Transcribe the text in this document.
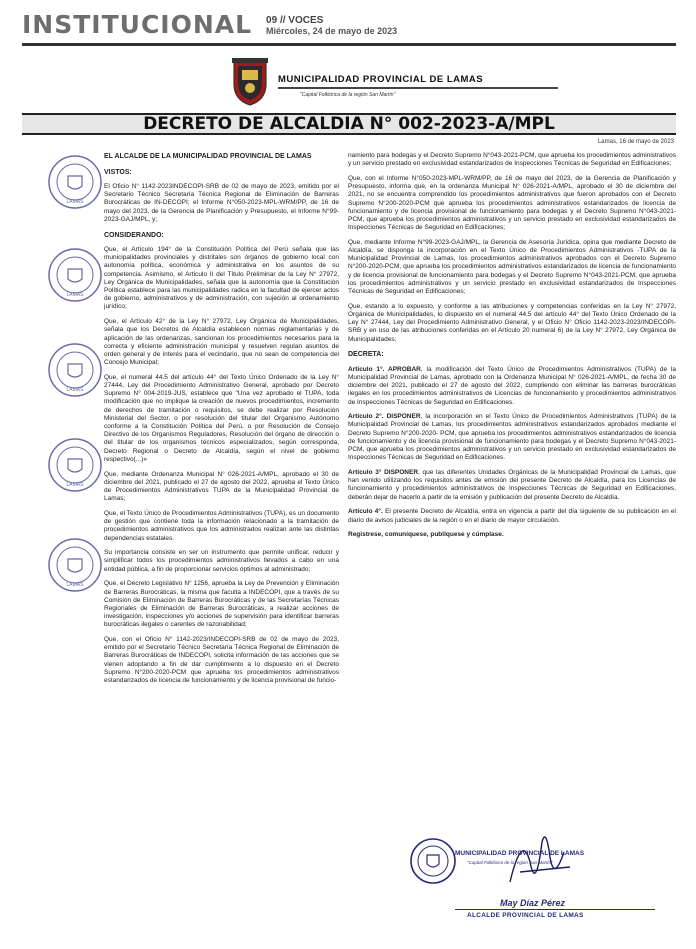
INSTITUCIONAL 09 // VOCES
Miércoles, 24 de mayo de 2023
MUNICIPALIDAD PROVINCIAL DE LAMAS
"Capital Folklórica de la región San Martín"
DECRETO DE ALCALDIA N° 002-2023-A/MPL
Lamas, 16 de mayo de 2023
LAMAS
LAMAS
LAMAS
LAMAS
LAMAS

EL ALCALDE DE LA MUNICIPALIDAD PROVINCIAL DE LAMAS

VISTOS:

El Oficio N° 1142-2023INDECOPI-SRB de 02 de mayo de 2023, emitido por el Secretario Técnico Secretaría Técnica Regional de Eliminación de Barreras Burocráticas de IN-DECOPI; el Informe N°050-2023-MPL-WRM/PP, de 16 de mayo del 2023, de la Gerencia de Planificación y Presupuesto, el Informe N°99-2023-GAJ/MPL, y;

CONSIDERANDO:

Que, el Artículo 194° de la Constitución Política del Perú señala que las municipalidades provinciales y distritales son órganos de gobierno local con autonomía política, económica y administrativa en los asuntos de su competencia. Asimismo, el Artículo II del Título Preliminar de la Ley N° 27972, Ley Orgánica de Municipalidades, señala que la autonomía que la Constitución Política establece para las municipalidades radica en la facultad de ejercer actos de gobierno, administrativos y de administración, con sujeción al ordenamiento jurídico;

Que, el Artículo 42° de la Ley N° 27972, Ley Orgánica de Municipalidades, señala que los Decretos de Alcaldía establecen normas reglamentarias y de aplicación de las ordenanzas, sancionan los procedimientos necesarios para la correcta y eficiente administración municipal y resuelven regulan asuntos de orden general y de interés para el vecindario, que no sean de competencia del Concejo Municipal;

Que, el numeral 44.5 del artículo 44° del Texto Único Ordenado de la Ley N° 27444, Ley del Procedimiento Administrativo General, aprobado por Decreto Supremo N° 004-2019-JUS, establece que "Una vez aprobado el TUPA, toda modificación que no implique la creación de nuevos procedimientos, incremento de derechos de tramitación o requisitos, se debe realizar por Resolución Ministerial del Sector, o por resolución del titular del Organismo Autónomo conforme a la Constitución Política del Perú, o por Resolución de Consejo Directivo de los Organismos Reguladores, Resolución del órgano de dirección o del titular de los organismos técnicos especializados, según corresponda, Decreto Regional o Decreto de Alcaldía, según el nivel de gobierno respectivo(...)»

Que, mediante Ordenanza Municipal N° 026-2021-A/MPL, aprobado el 30 de diciembre del 2021, publicado el 27 de agosto del 2022, aprueba el Texto Único de Procedimientos Administrativos TUPA de la Municipalidad Provincial de Lamas;

Que, el Texto Único de Procedimientos Administrativos (TUPA), es un documento de gestión que contiene toda la información relacionado a la tramitación de procedimientos administrativos que los administrados realizan ante las distintas dependencias estatales.

Su importancia consiste en ser un instrumento que permite unificar, reducir y simplificar todos los procedimientos administrativos llevados a cabo en una entidad pública, a fin de proporcionar servicios óptimos al administrado;

Que, el Decreto Legislativo N° 1256, aprueba la Ley de Prevención y Eliminación de Barreras Burocráticas, la misma que faculta a INDECOPI, que a través de su Comisión de Eliminación de Barreras Burocráticas y de las Secretarías Técnicas Regionales de Eliminación de Barreras Burocráticas, a realizar acciones de investigación, inspecciones y/o acciones de supervisión para identificar barreras burocráticas ilegales o carentes de razonabilidad;

Que, con el Oficio N° 1142-2023/INDECOPI-SRB de 02 de mayo de 2023, emitido por el Secretario Técnico Secretaría Técnica Regional de Eliminación de Barreras Burocráticas de INDECOPI, solicita información de las acciones que se vienen adoptando a fin de dar cumplimiento a lo dispuesto en el Decreto Supremo N°200-2020-PCM que aprueba los procedimientos administrativos estandarizados de licencia de funcionamiento y de licencia provisional de funcio-

namiento para bodegas y el Decreto Supremo N°043-2021-PCM, que aprueba los procedimientos administrativos y un servicio prestado en exclusividad estandarizados de Inspecciones Técnicas de Seguridad en Edificaciones;

Que, con el Informe N°050-2023-MPL-WRM/PP, de 16 de mayo del 2023, de la Gerencia de Planificación y Presupuesto, informa que, en la ordenanza Municipal N° 026-2021-A/MPL, aprobado el 30 de diciembre del 2021, no se encuentra comprendido los procedimientos administrativos que fueron aprobados con el Decreto Supremo N°200-2020-PCM que aprueba los procedimientos administrativos estandarizados de licencia de funcionamiento y de licencia provisional de funcionamiento para bodegas y el Decreto Supremo N°043-2021-PCM, que aprueba los procedimientos administrativos y un servicio prestado en exclusividad estandarizados de Inspecciones Técnicas de Seguridad en Edificaciones;

Que, mediante Informe N°99-2023-GAJ/MPL, la Gerencia de Asesoría Jurídica, opina que mediante Decreto de Alcaldía, se disponga la incorporación en el Texto Único de Procedimientos Administrativos -TUPA de la Municipalidad Provincial de Lamas, los procedimientos administrativos aprobados con el Decreto Supremo N°200-2020-PCM, que aprueba los procedimientos administrativos estandarizados de licencia de funcionamiento y de licencia provisional de funcionamiento para bodegas y el Decreto Supremo N°043-2021-PCM, que aprueba los procedimientos administrativos y un servicio prestado en exclusividad estandarizados de Inspecciones Técnicas de Seguridad en Edificaciones;

Que, estando a lo expuesto, y conforme a las atribuciones y competencias conferidas en la Ley N° 27972, Orgánica de Municipalidades, lo dispuesto en el numeral 44.5 del artículo 44° del Texto Único Ordenado de la Ley N° 27444, Ley del Procedimiento Administrativo General, y el Oficio N° Oficio 1142-2023-2023/INDECOPI-SRB y en uso de las atribuciones conferidas en el Artículo 20 numeral 6) de la Ley N° 27972, Ley Orgánica de Municipalidades;

DECRETA:

Artículo 1°. APROBAR, la modificación del Texto Único de Procedimientos Administrativos (TUPA) de la Municipalidad Provincial de Lamas, aprobado con la Ordenanza Municipal N° 026-2021-A/MPL, de fecha 30 de diciembre del 2021, publicado el 27 de agosto del 2022, cumpliendo con eliminar las barreras burocráticas ilegales en los procedimientos administrativos de Licencias de funcionamiento y procedimientos administrativos de Inspecciones Técnicas de Seguridad en Edificaciones.

Artículo 2°. DISPONER, la incorporación en el Texto Único de Procedimientos Administrativos (TUPA) de la Municipalidad Provincial de Lamas, los procedimientos administrativos estandarizados aprobados mediante el Decreto Supremo N°200-2020- PCM, que aprueba los procedimientos administrativos estandarizados de licencia de funcionamiento y de licencia provisional de funcionamiento para bodegas y el Decreto Supremo N°043-2021-PCM, que aprueba los procedimientos administrativos y un servicio prestado en exclusividad estandarizados de Inspecciones Técnicas de Seguridad en Edificaciones.

Artículo 3° DISPONER, que las diferentes Unidades Orgánicas de la Municipalidad Provincial de Lamas, que han venido utilizando los requisitos antes de emisión del presente Decreto de Alcaldía, para los Licencias de funcionamiento y procedimientos administrativos de Inspecciones Técnicas de Seguridad en Edificaciones, deberán dejar de hacerlo a partir de la emisión y publicación del presente Decreto de Alcaldía.

Artículo 4°. El presente Decreto de Alcaldía, entra en vigencia a partir del día siguiente de su publicación en el diario de avisos judiciales de la región o en el diario de mayor circulación.

Regístrese, comuníquese, publíquese y cúmplase.

MUNICIPALIDAD PROVINCIAL DE LAMAS
"Capital Folklórica de la región San Martín"
May Díaz Pérez
ALCALDE PROVINCIAL DE LAMAS
